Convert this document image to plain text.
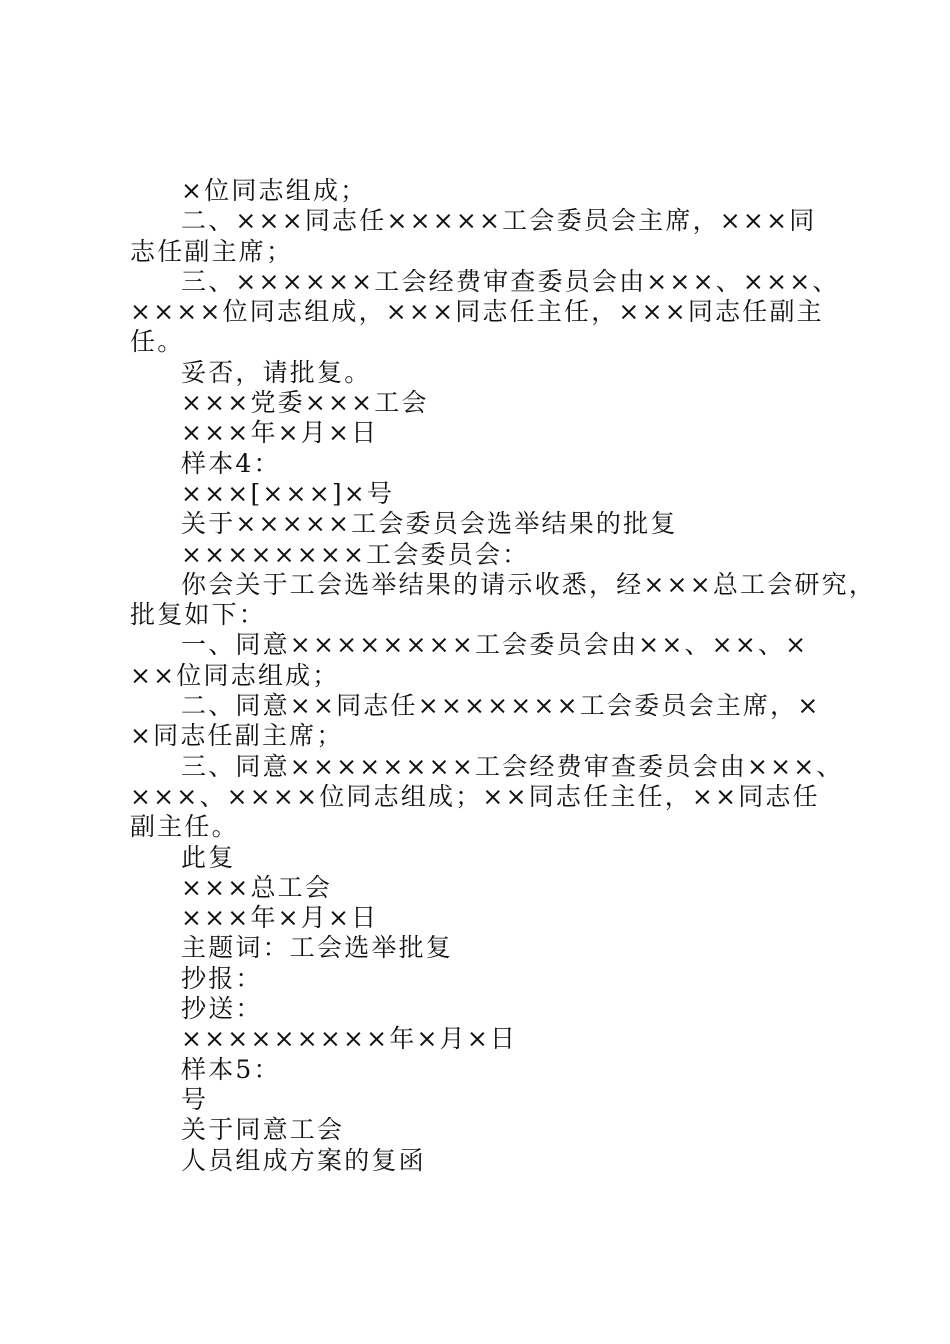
×位同志组成；
二、×××同志任×××××工会委员会主席，×××同
志任副主席；
三、××××××工会经费审查委员会由×××、×××、
××××位同志组成，×××同志任主任，×××同志任副主
任。
妥否，请批复。
×××党委×××工会
×××年×月×日
样本4：
×××[×××]×号
关于×××××工会委员会选举结果的批复
××××××××工会委员会：
你会关于工会选举结果的请示收悉，经×××总工会研究，
批复如下：
一、同意××××××××工会委员会由××、××、×
××位同志组成；
二、同意××同志任×××××××工会委员会主席，×
×同志任副主席；
三、同意××××××××工会经费审查委员会由×××、
×××、××××位同志组成；××同志任主任，××同志任
副主任。
此复
×××总工会
×××年×月×日
主题词：工会选举批复
抄报：
抄送：
×××××××××年×月×日
样本5：
号
关于同意工会
人员组成方案的复函
